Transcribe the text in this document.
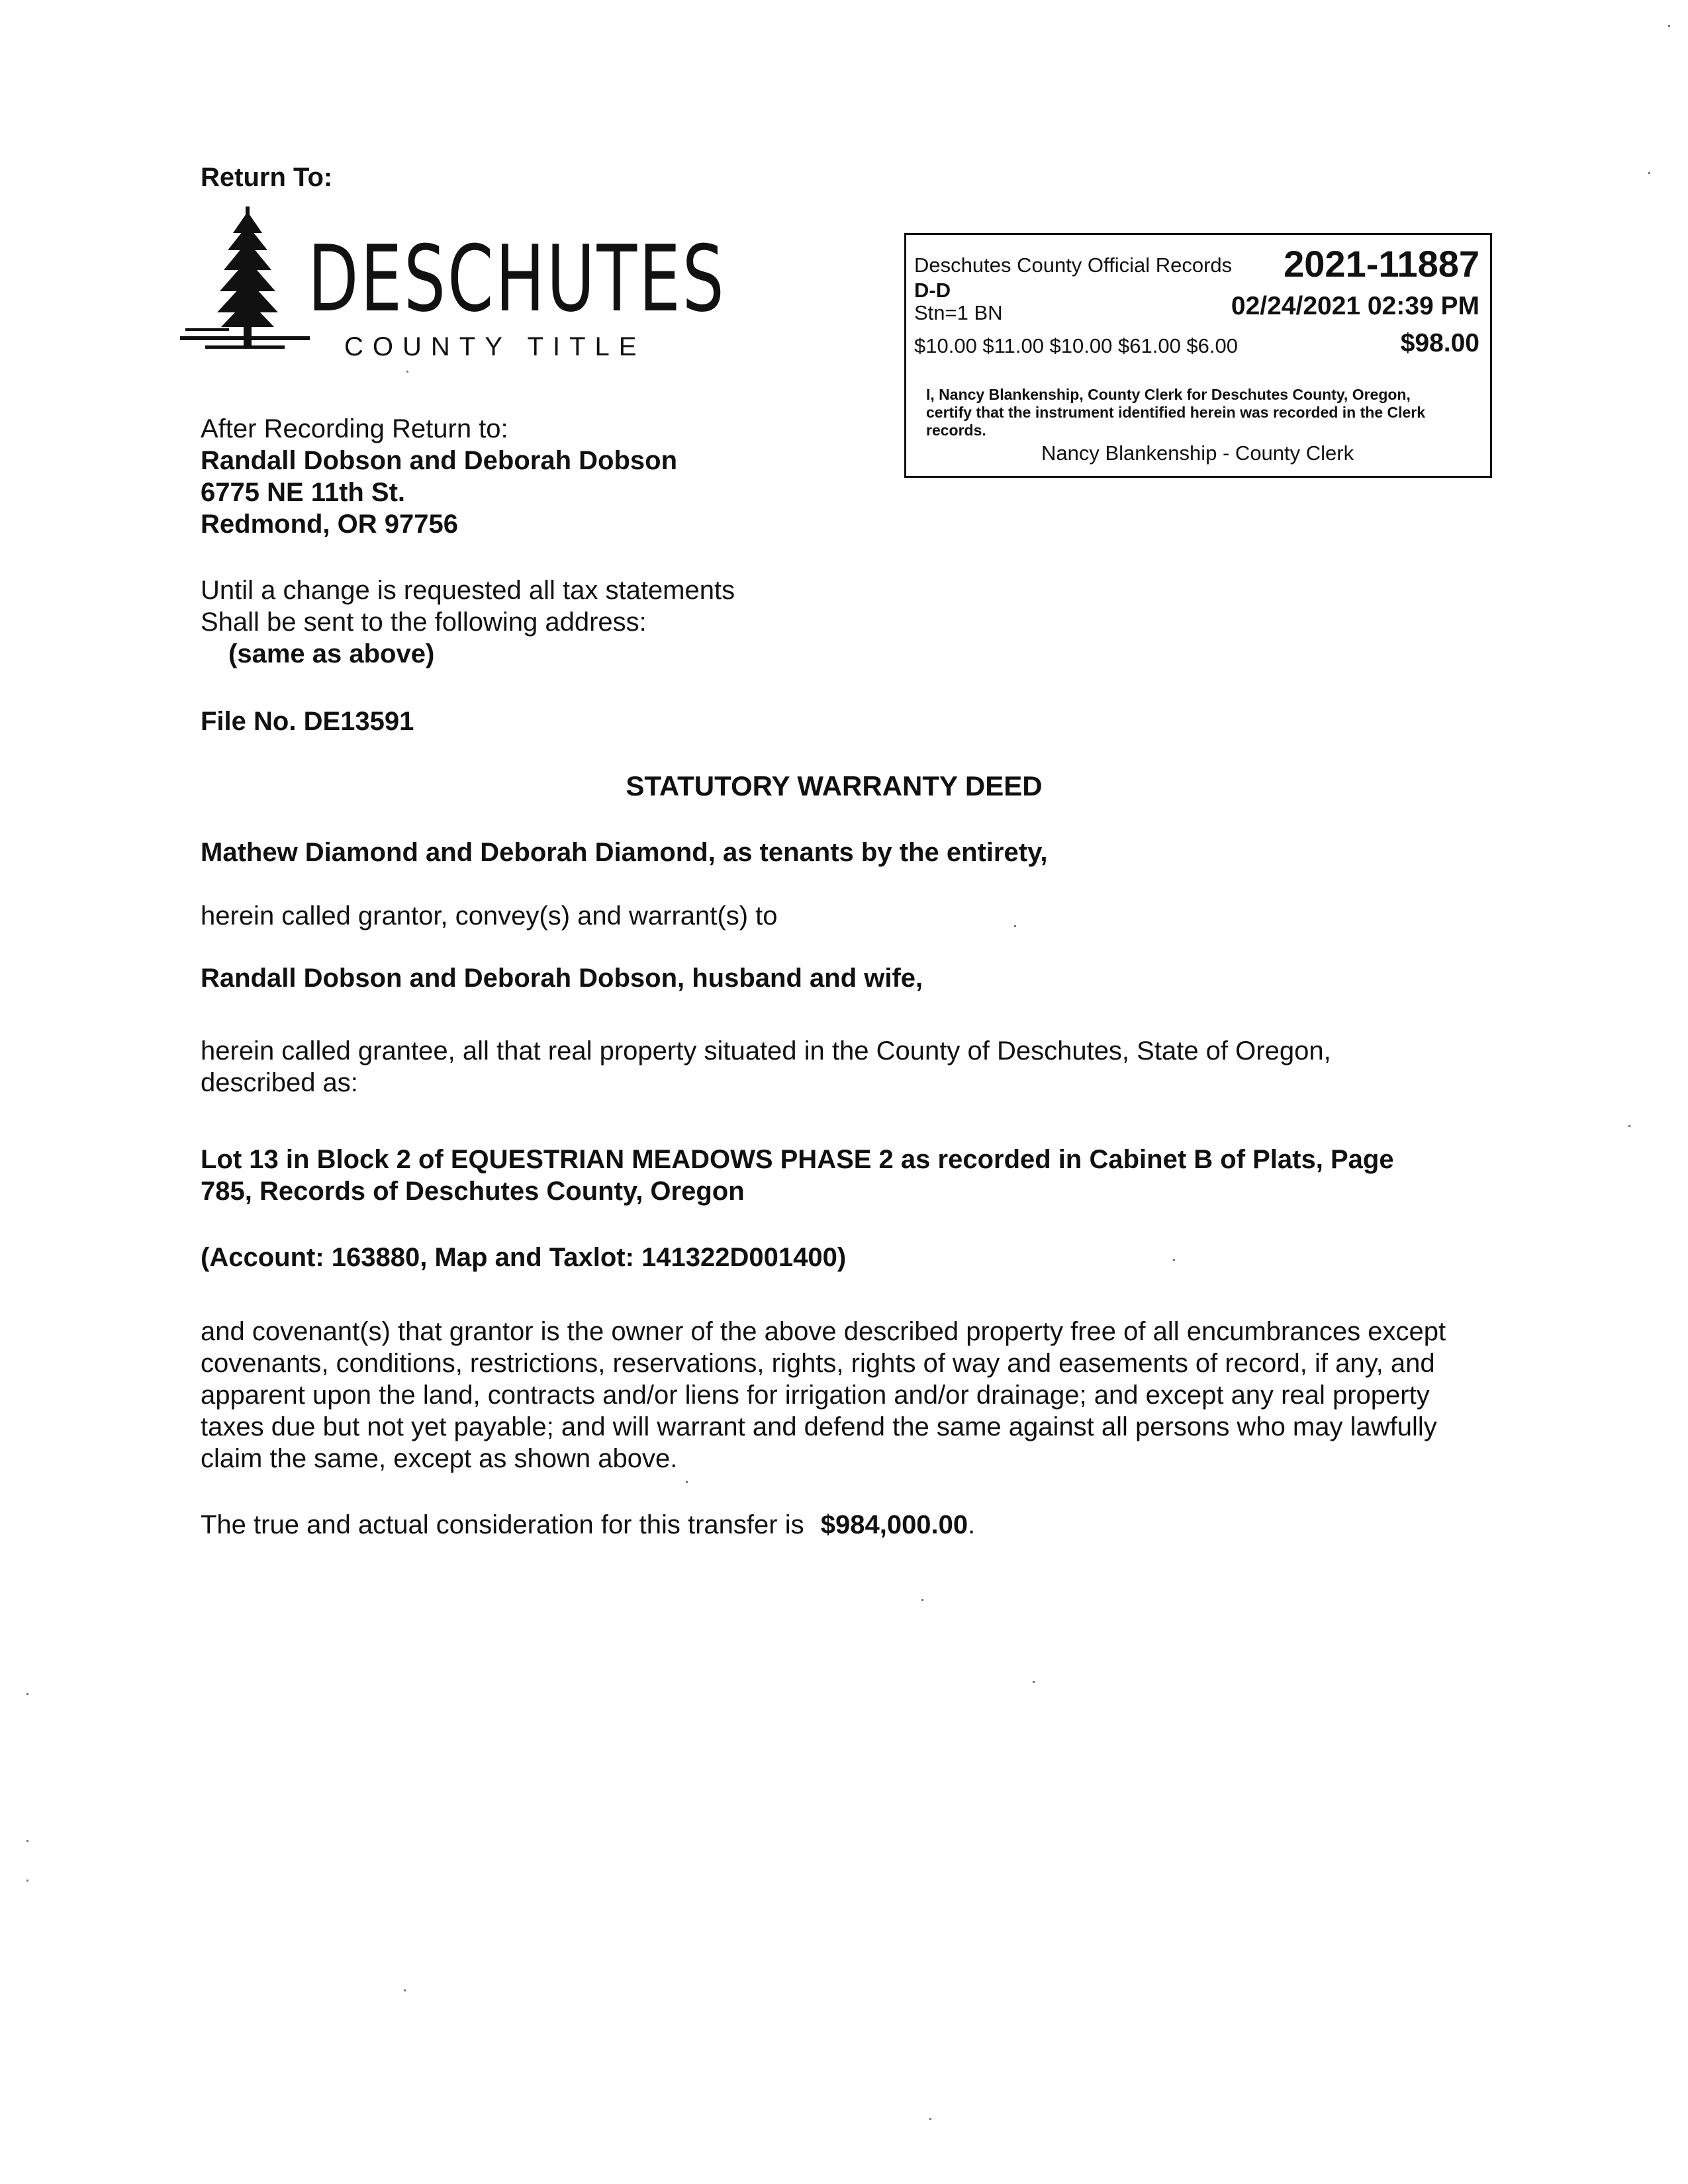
Return To:
DESCHUTES
COUNTY TITLE
Deschutes County Official Records 2021-11887
D-D
Stn=1 BN	02/24/2021 02:39 PM
$10.00 $11.00 $10.00 $61.00 $6.00	$98.00
I, Nancy Blankenship, County Clerk for Deschutes County, Oregon,
certify that the instrument identified herein was recorded in the Clerk
records.
Nancy Blankenship - County Clerk
After Recording Return to:
Randall Dobson and Deborah Dobson
6775 NE 11th St.
Redmond, OR 97756
Until a change is requested all tax statements
Shall be sent to the following address:
(same as above)
File No. DE13591
STATUTORY WARRANTY DEED
Mathew Diamond and Deborah Diamond, as tenants by the entirety,
herein called grantor, convey(s) and warrant(s) to
Randall Dobson and Deborah Dobson, husband and wife,
herein called grantee, all that real property situated in the County of Deschutes, State of Oregon,
described as:
Lot 13 in Block 2 of EQUESTRIAN MEADOWS PHASE 2 as recorded in Cabinet B of Plats, Page
785, Records of Deschutes County, Oregon
(Account: 163880, Map and Taxlot: 141322D001400)
and covenant(s) that grantor is the owner of the above described property free of all encumbrances except
covenants, conditions, restrictions, reservations, rights, rights of way and easements of record, if any, and
apparent upon the land, contracts and/or liens for irrigation and/or drainage; and except any real property
taxes due but not yet payable; and will warrant and defend the same against all persons who may lawfully
claim the same, except as shown above.
The true and actual consideration for this transfer is $984,000.00.
